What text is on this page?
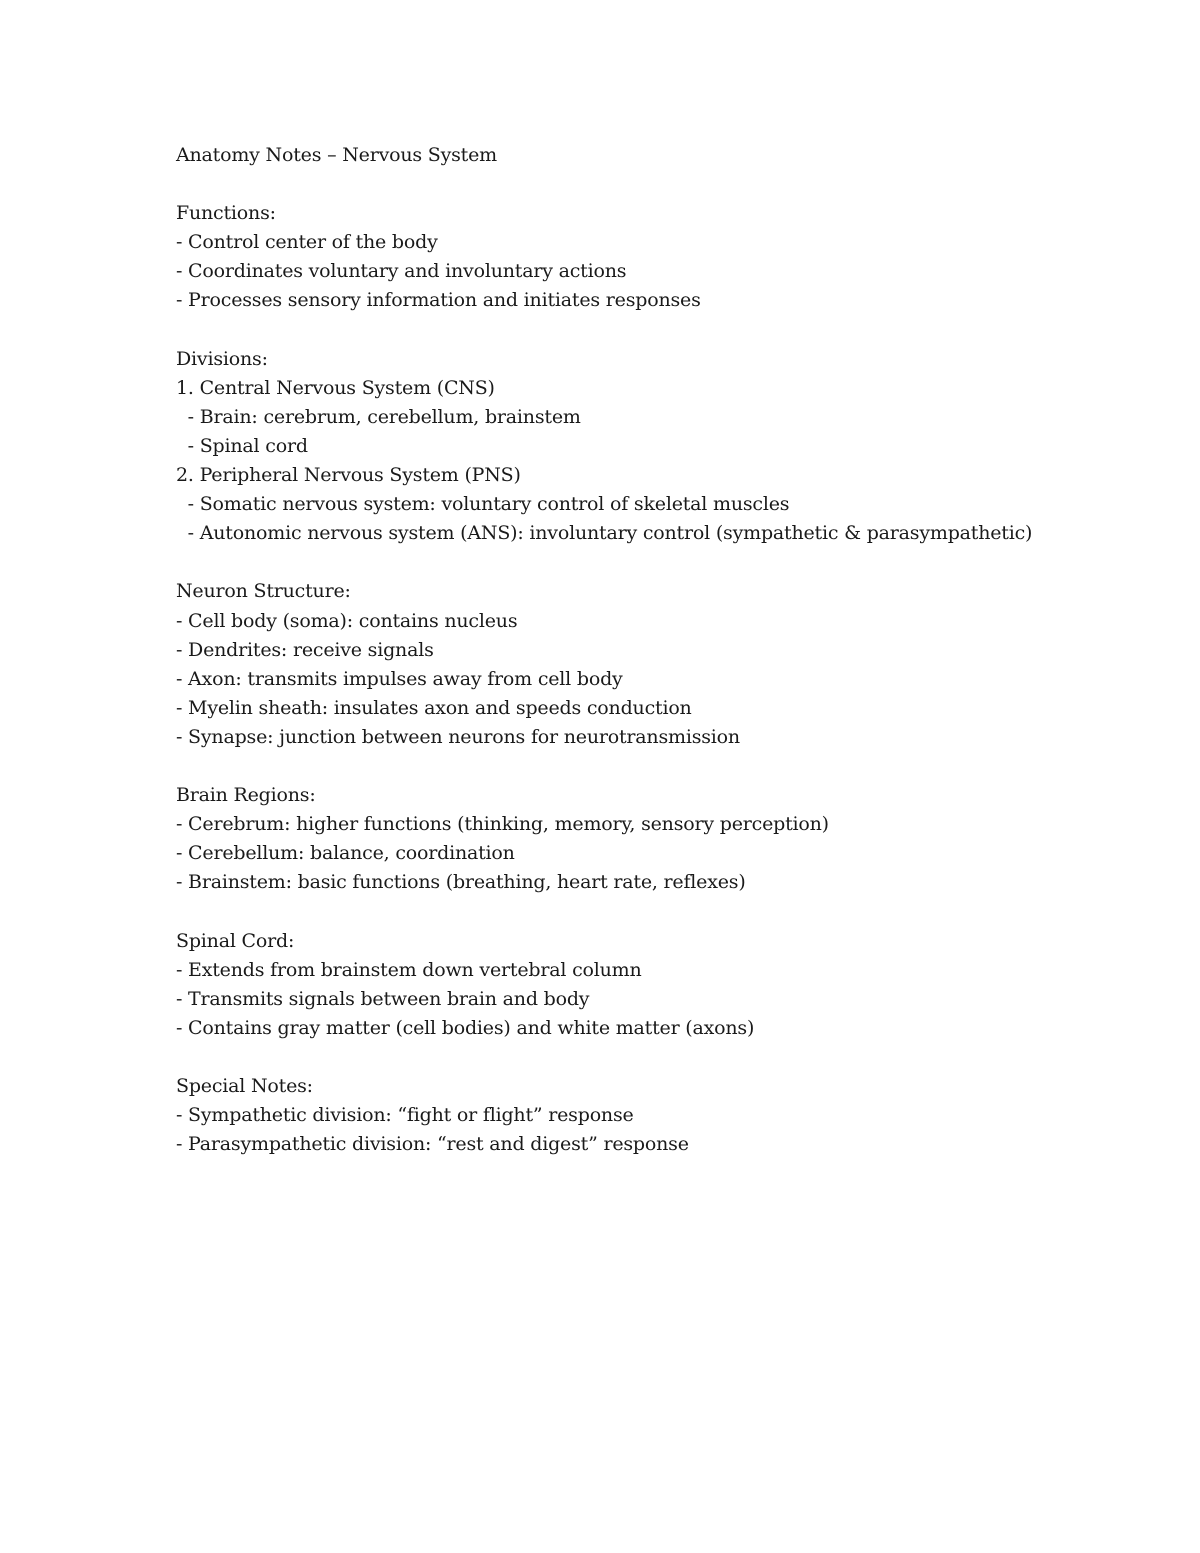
Anatomy Notes – Nervous System
Functions:
- Control center of the body
- Coordinates voluntary and involuntary actions
- Processes sensory information and initiates responses
Divisions:
1. Central Nervous System (CNS)
- Brain: cerebrum, cerebellum, brainstem
- Spinal cord
2. Peripheral Nervous System (PNS)
- Somatic nervous system: voluntary control of skeletal muscles
- Autonomic nervous system (ANS): involuntary control (sympathetic & parasympathetic)
Neuron Structure:
- Cell body (soma): contains nucleus
- Dendrites: receive signals
- Axon: transmits impulses away from cell body
- Myelin sheath: insulates axon and speeds conduction
- Synapse: junction between neurons for neurotransmission
Brain Regions:
- Cerebrum: higher functions (thinking, memory, sensory perception)
- Cerebellum: balance, coordination
- Brainstem: basic functions (breathing, heart rate, reflexes)
Spinal Cord:
- Extends from brainstem down vertebral column
- Transmits signals between brain and body
- Contains gray matter (cell bodies) and white matter (axons)
Special Notes:
- Sympathetic division: “fight or flight” response
- Parasympathetic division: “rest and digest” response
